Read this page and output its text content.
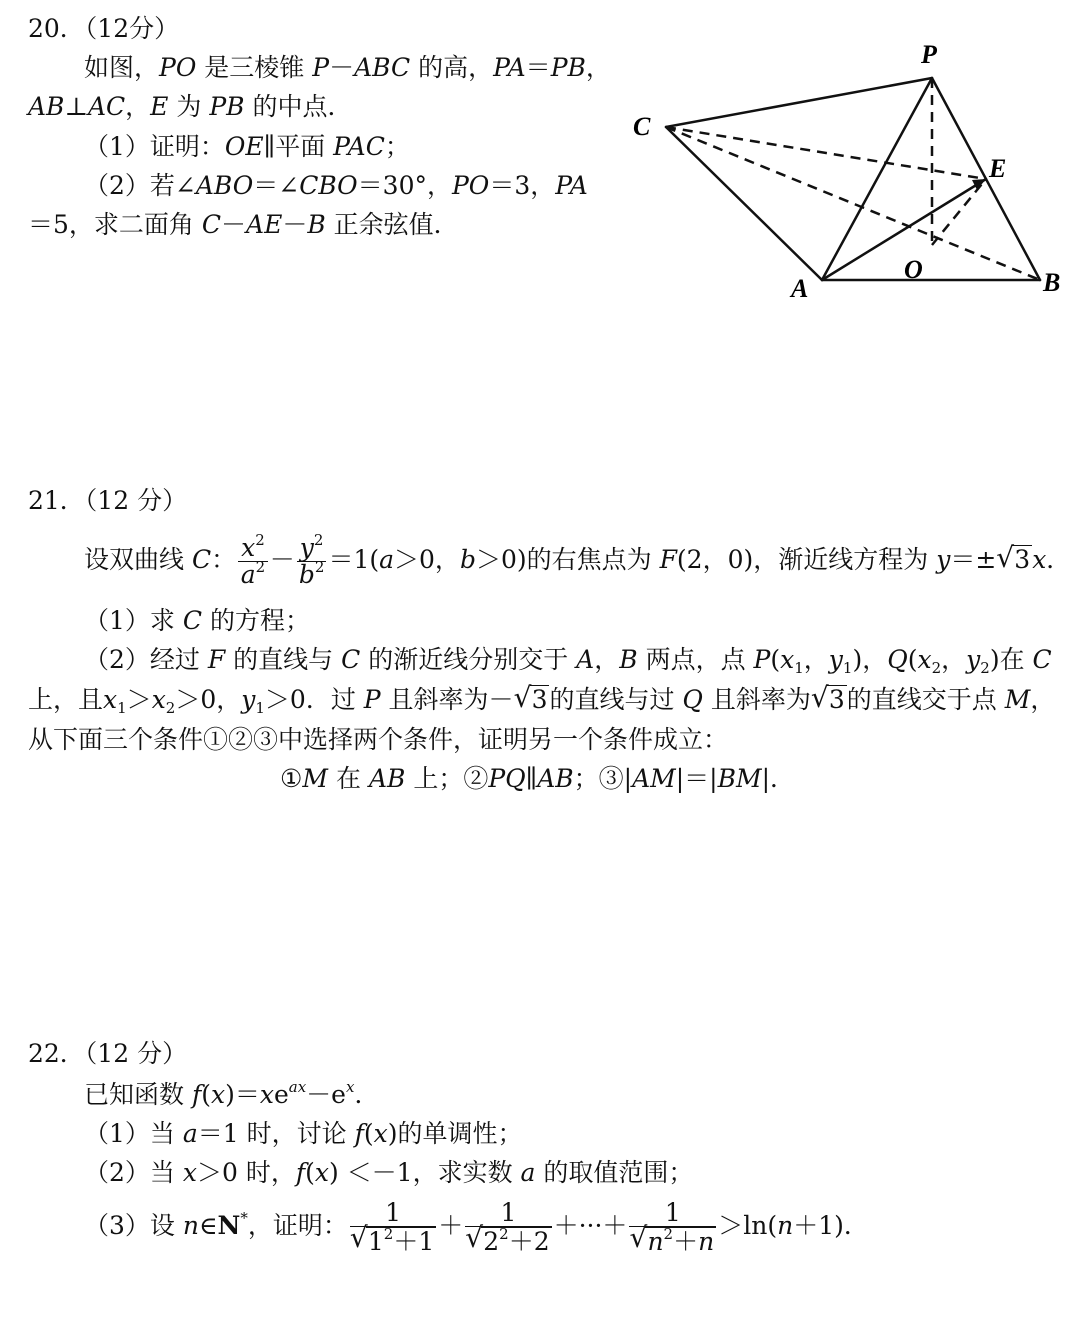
20．（12分）
如图，PO 是三棱锥 P－ABC 的高，PA＝PB，
AB⊥AC，E 为 PB 的中点．
（1）证明：OE∥平面 PAC；
（2）若∠ABO＝∠CBO＝30°，PO＝3，PA
＝5，求二面角 C－AE－B 正余弦值．
P
C
E
O
A	B
21．（12 分）
设双曲线 C： $\frac{x^2}{a^2} - \frac{y^2}{b^2} =1(a>0$，b＞0)的右焦点为 F(2，0)，渐近线方程为 y＝± √ 3x．
（1）求 C 的方程；
（2）经过 F 的直线与 C 的渐近线分别交于 A，B 两点，点 $P(x_1$，$y_1$)，$Q(x_2$，$y_2$)在 C
上，且$x_1>x_2>0$，$y_1>0$．过 P 且斜率为－ √ 3的直线与过 Q 且斜率为 √ 3的直线交于点 M，
从下面三个条件①②③中选择两个条件，证明另一个条件成立：
①M 在 AB 上；②PQ∥AB；③|AM|＝|BM|．
22．（12 分）
已知函数 $f(x)=xe^{ax}-e^x$．
（1）当 a＝1 时，讨论 f(x)的单调性；
（2）当 x＞0 时，f(x) ＜－1，求实数 a 的取值范围；
（3）设 n∈N*，证明： $\frac{1}{√ 1^2+1} + \frac{1}{√ 2^2+2}$ ＋···＋ $\frac{1}{√ n^2+n} >\ln(n+1)$．
